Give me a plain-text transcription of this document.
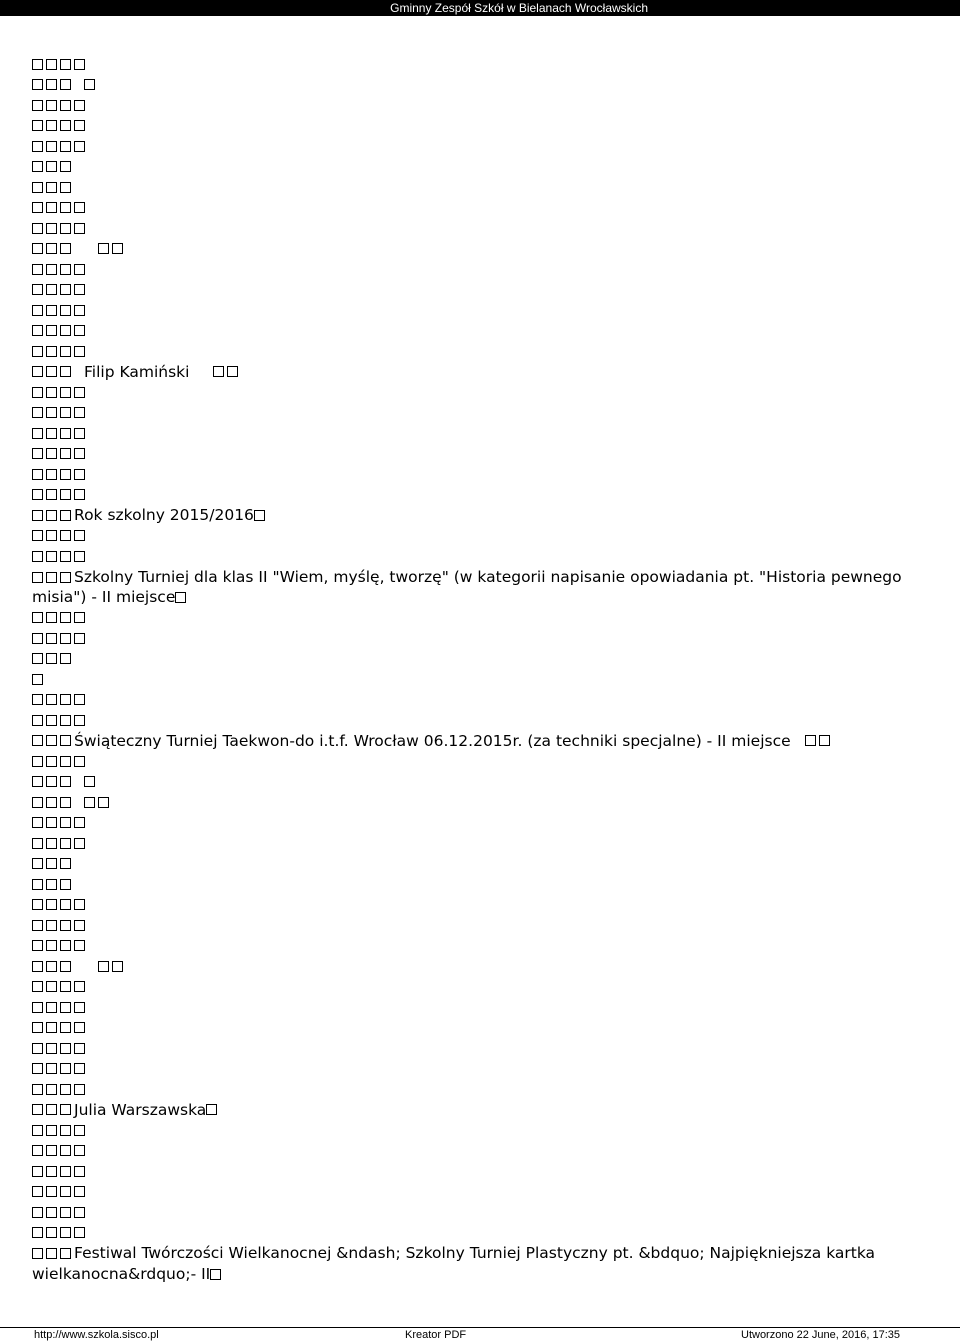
Gminny Zespół Szkół w Bielanach Wrocławskich
Filip Kamiński
Rok szkolny 2015/2016
Szkolny Turniej dla klas II "Wiem, myślę, tworzę" (w kategorii napisanie opowiadania pt. "Historia pewnego misia") - II miejsce
Świąteczny Turniej Taekwon-do i.t.f. Wrocław 06.12.2015r. (za techniki specjalne) - II miejsce
Julia Warszawska
Festiwal Twórczości Wielkanocnej &ndash; Szkolny Turniej Plastyczny pt. &bdquo; Najpiękniejsza kartka wielkanocna&rdquo;- II
http://www.szkola.sisco.pl	Kreator PDF	Utworzono 22 June, 2016, 17:35
